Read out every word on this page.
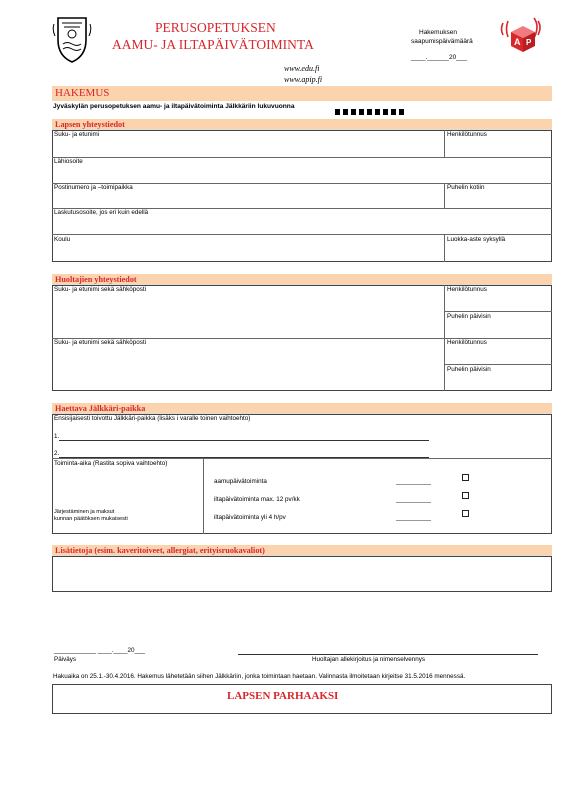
PERUSOPETUKSEN
AAMU- JA ILTAPÄIVÄTOIMINTA
www.edu.fi
www.apip.fi
Hakemuksen
saapumispäivämäärä
____.______20___
A P
HAKEMUS
Jyväskylän perusopetuksen aamu- ja iltapäivätoiminta Jälkkäriin lukuvuonna
Lapsen yhteystiedot
Suku- ja etunimi	Henkilötunnus
Lähiosoite
Postinumero ja –toimipaikka	Puhelin kotiin
Laskutusosoite, jos eri kuin edellä
Koulu	Luokka-aste syksyllä
Huoltajien yhteystiedot
Suku- ja etunimi sekä sähköposti	Henkilötunnus
Puhelin päivisin
Suku- ja etunimi sekä sähköposti	Henkilötunnus
Puhelin päivisin
Haettava Jälkkäri-paikka
Ensisijaisesti toivottu Jälkkäri-paikka (lisäks i varalle toinen vaihtoehto)
1.
2.
Toiminta-aika (Rastita sopiva vaihtoehto)
Järjestäminen ja maksut
kunnan päätöksen mukaisesti
aamupäivätoiminta	__________
iltapäivätoiminta max. 12 pv/kk	__________
iltapäivätoiminta yli 4 h/pv	__________
Lisätietoja (esim. kaveritoiveet, allergiat, erityisruokavaliot)
____________ ____.____20___
Päiväys	Huoltajan allekirjoitus ja nimenselvennys
Hakuaika on 25.1.-30.4.2016. Hakemus lähetetään siihen Jälkkäriin, jonka toimintaan haetaan. Valinnasta ilmoitetaan kirjeitse 31.5.2016 mennessä.
LAPSEN PARHAAKSI
